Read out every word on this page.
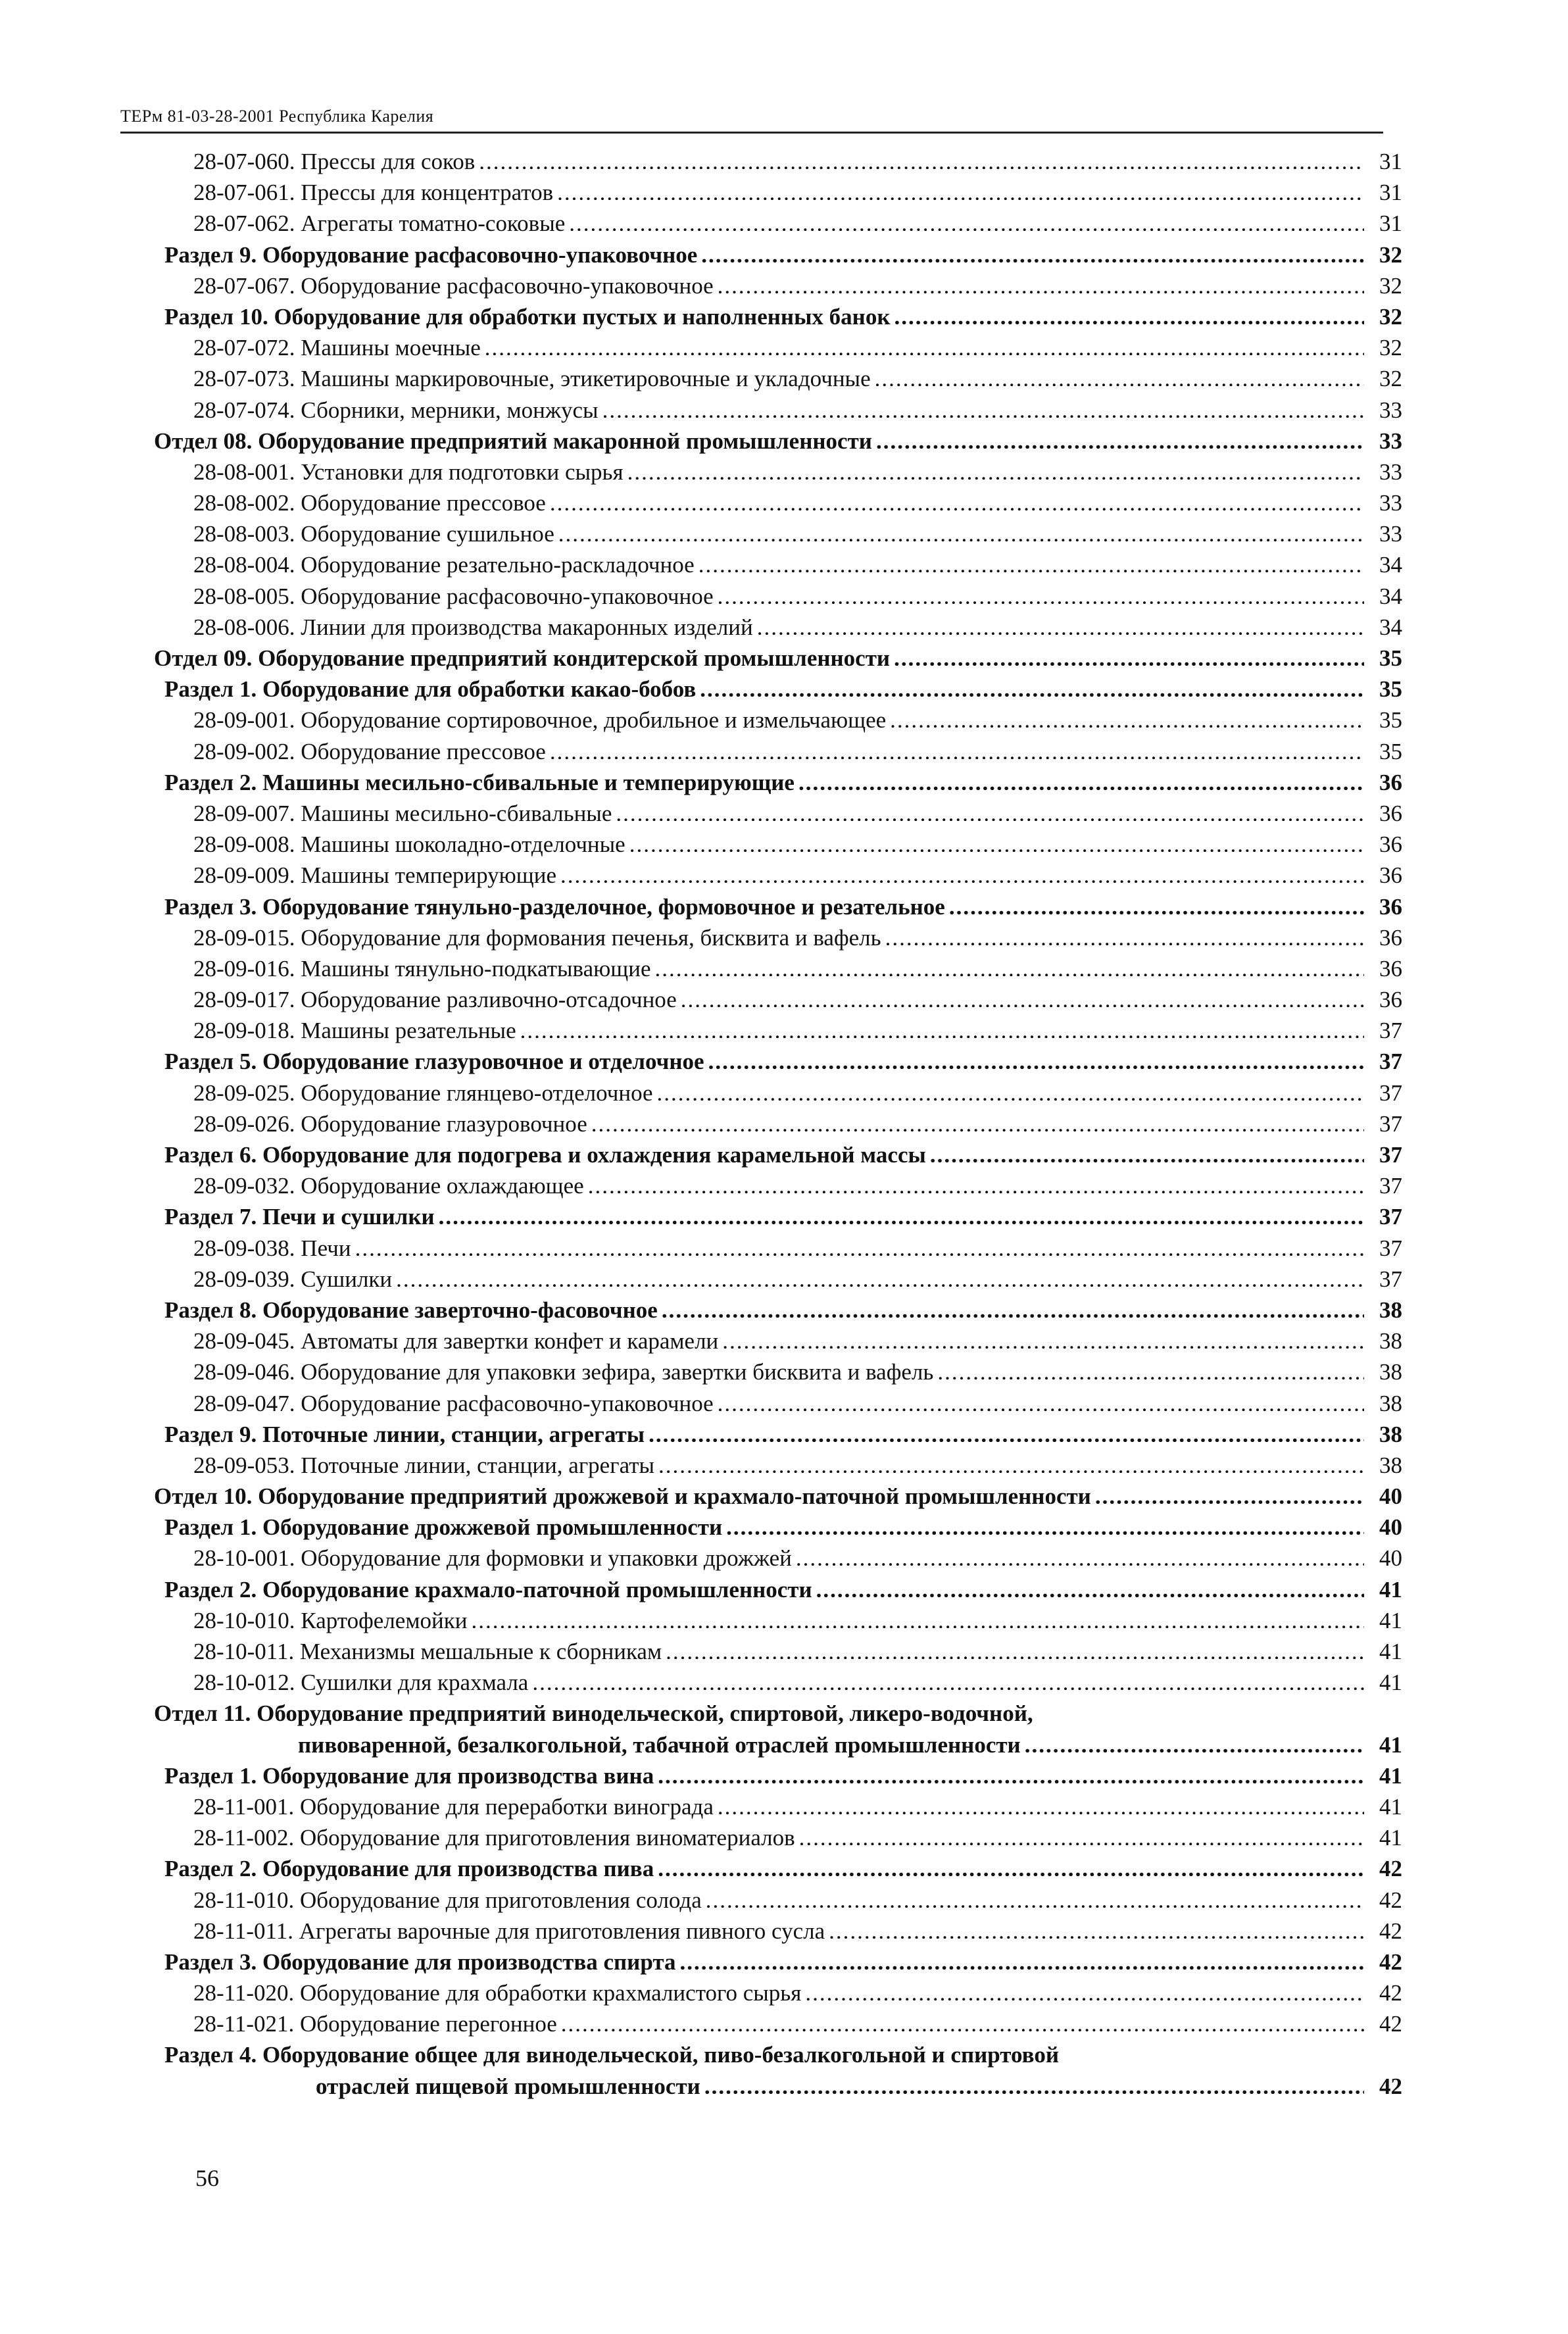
ТЕРм 81-03-28-2001 Республика Карелия
28-07-060. Прессы для соков .....	31
28-07-061. Прессы для концентратов .....	31
28-07-062. Агрегаты томатно-соковые .....	31
Раздел 9. Оборудование расфасовочно-упаковочное .....	32
28-07-067. Оборудование расфасовочно-упаковочное .....	32
Раздел 10. Оборудование для обработки пустых и наполненных банок .....	32
28-07-072. Машины моечные .....	32
28-07-073. Машины маркировочные, этикетировочные и укладочные .....	32
28-07-074. Сборники, мерники, монжусы .....	33
Отдел 08. Оборудование предприятий макаронной промышленности .....	33
28-08-001. Установки для подготовки сырья .....	33
28-08-002. Оборудование прессовое .....	33
28-08-003. Оборудование сушильное .....	33
28-08-004. Оборудование резательно-раскладочное .....	34
28-08-005. Оборудование расфасовочно-упаковочное .....	34
28-08-006. Линии для производства макаронных изделий .....	34
Отдел 09. Оборудование предприятий кондитерской промышленности .....	35
Раздел 1. Оборудование для обработки какао-бобов .....	35
28-09-001. Оборудование сортировочное, дробильное и измельчающее .....	35
28-09-002. Оборудование прессовое .....	35
Раздел 2. Машины месильно-сбивальные и темперирующие .....	36
28-09-007. Машины месильно-сбивальные .....	36
28-09-008. Машины шоколадно-отделочные .....	36
28-09-009. Машины темперирующие .....	36
Раздел 3. Оборудование тянульно-разделочное, формовочное и резательное .....	36
28-09-015. Оборудование для формования печенья, бисквита и вафель .....	36
28-09-016. Машины тянульно-подкатывающие .....	36
28-09-017. Оборудование разливочно-отсадочное .....	36
28-09-018. Машины резательные .....	37
Раздел 5. Оборудование глазуровочное и отделочное .....	37
28-09-025. Оборудование глянцево-отделочное .....	37
28-09-026. Оборудование глазуровочное .....	37
Раздел 6. Оборудование для подогрева и охлаждения карамельной массы .....	37
28-09-032. Оборудование охлаждающее .....	37
Раздел 7. Печи и сушилки .....	37
28-09-038. Печи .....	37
28-09-039. Сушилки .....	37
Раздел 8. Оборудование заверточно-фасовочное .....	38
28-09-045. Автоматы для завертки конфет и карамели .....	38
28-09-046. Оборудование для упаковки зефира, завертки бисквита и вафель .....	38
28-09-047. Оборудование расфасовочно-упаковочное .....	38
Раздел 9. Поточные линии, станции, агрегаты .....	38
28-09-053. Поточные линии, станции, агрегаты .....	38
Отдел 10. Оборудование предприятий дрожжевой и крахмало-паточной промышленности .....	40
Раздел 1. Оборудование дрожжевой промышленности .....	40
28-10-001. Оборудование для формовки и упаковки дрожжей .....	40
Раздел 2. Оборудование крахмало-паточной промышленности .....	41
28-10-010. Картофелемойки .....	41
28-10-011. Механизмы мешальные к сборникам .....	41
28-10-012. Сушилки для крахмала .....	41
Отдел 11. Оборудование предприятий винодельческой, спиртовой, ликеро-водочной,
пивоваренной, безалкогольной, табачной отраслей промышленности .....	41
Раздел 1. Оборудование для производства вина .....	41
28-11-001. Оборудование для переработки винограда .....	41
28-11-002. Оборудование для приготовления виноматериалов .....	41
Раздел 2. Оборудование для производства пива .....	42
28-11-010. Оборудование для приготовления солода .....	42
28-11-011. Агрегаты варочные для приготовления пивного сусла .....	42
Раздел 3. Оборудование для производства спирта .....	42
28-11-020. Оборудование для обработки крахмалистого сырья .....	42
28-11-021. Оборудование перегонное .....	42
Раздел 4. Оборудование общее для винодельческой, пиво-безалкогольной и спиртовой
отраслей пищевой промышленности .....	42
56
